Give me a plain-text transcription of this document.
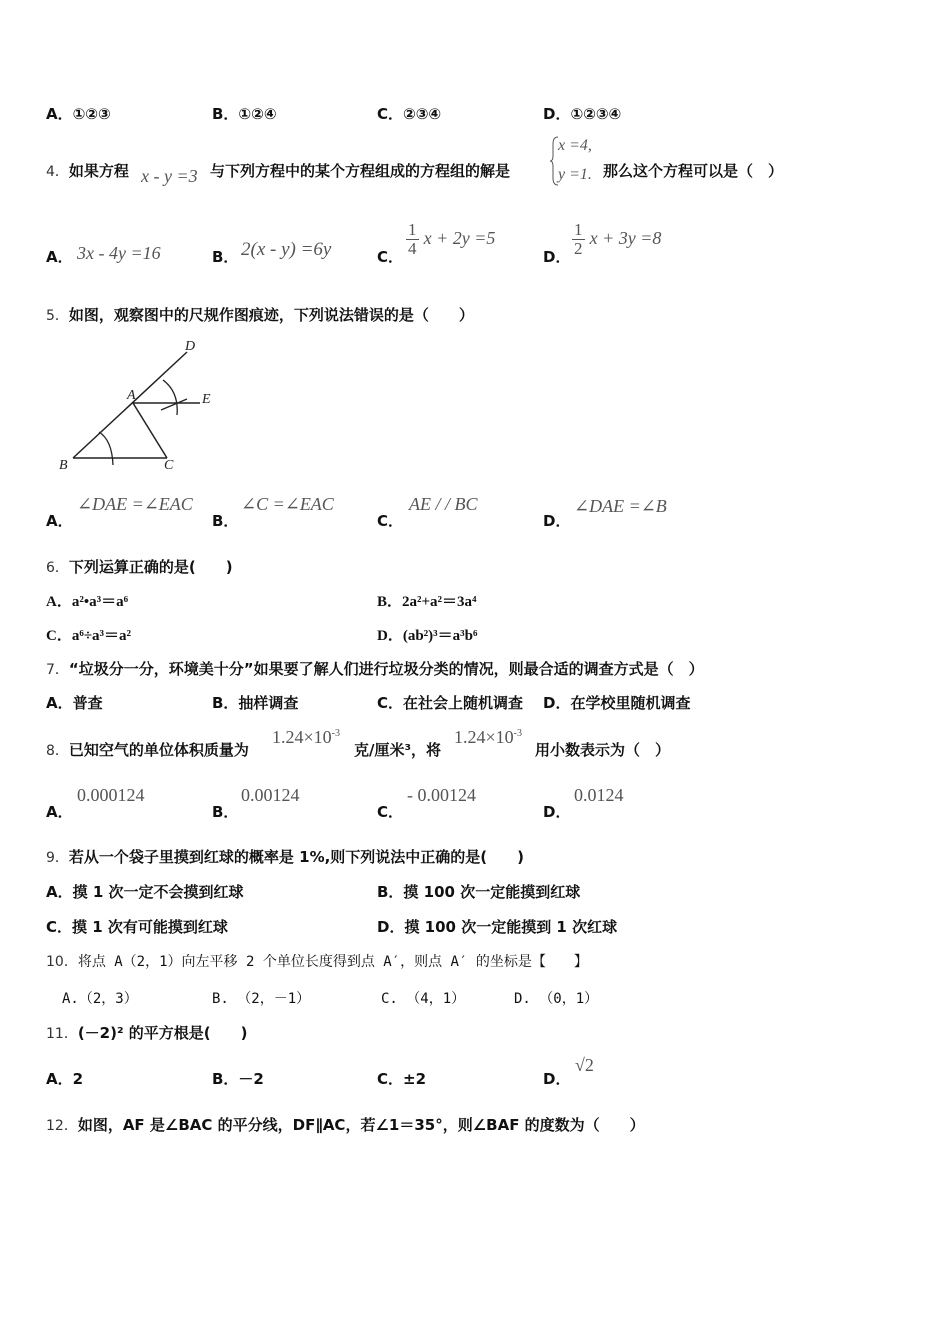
A．①②③	B．①②④	C．②③④	D．①②③④
4．如果方程 x - y =3 与下列方程中的某个方程组成的方程组的解是
x =4,
y =1. 那么这个方程可以是（　）
A． 3x - 4y =16	B． 2(x - y) =6y	C． $\frac{1}{4}$ x + 2y =5
D． $\frac{1}{2}$ x + 3y =8
5．如图，观察图中的尺规作图痕迹，下列说法错误的是（　　）
A
B	C
D
E
A．
∠DAE =∠EAC
B．
∠C =∠EAC
C．
AE / / BC
D．
∠DAE =∠B
6．下列运算正确的是(　　)
A．a²•a³＝a⁶	B．2a²+a²＝3a⁴
C．a⁶÷a³＝a²	D．(ab²)³＝a³b⁶
7．“垃圾分一分，环境美十分”如果要了解人们进行垃圾分类的情况，则最合适的调查方式是（　）
A．普查	B．抽样调查	C．在社会上随机调查 D．在学校里随机调查
8．已知空气的单位体积质量为
$1.24\times 10^{-3}$
克/厘米³，将
$1.24\times 10^{-3}$
用小数表示为（　）
A．
0.000124
B．
0.00124
C．
- 0.00124
D．
0.0124
9．若从一个袋子里摸到红球的概率是 1%,则下列说法中正确的是(　　)
A．摸 1 次一定不会摸到红球	B．摸 100 次一定能摸到红球
C．摸 1 次有可能摸到红球	D．摸 100 次一定能摸到 1 次红球
10．将点 A（2，1）向左平移 2 个单位长度得到点 A′，则点 A′ 的坐标是【　　】
A.（2，3）	B. （2，－1）	C. （4，1）	D. （0，1）
11．(－2)² 的平方根是(　　)
A．2	B．－2	C．±2	D．
√2
12．如图，AF 是∠BAC 的平分线，DF∥AC，若∠1＝35°，则∠BAF 的度数为（　　）
